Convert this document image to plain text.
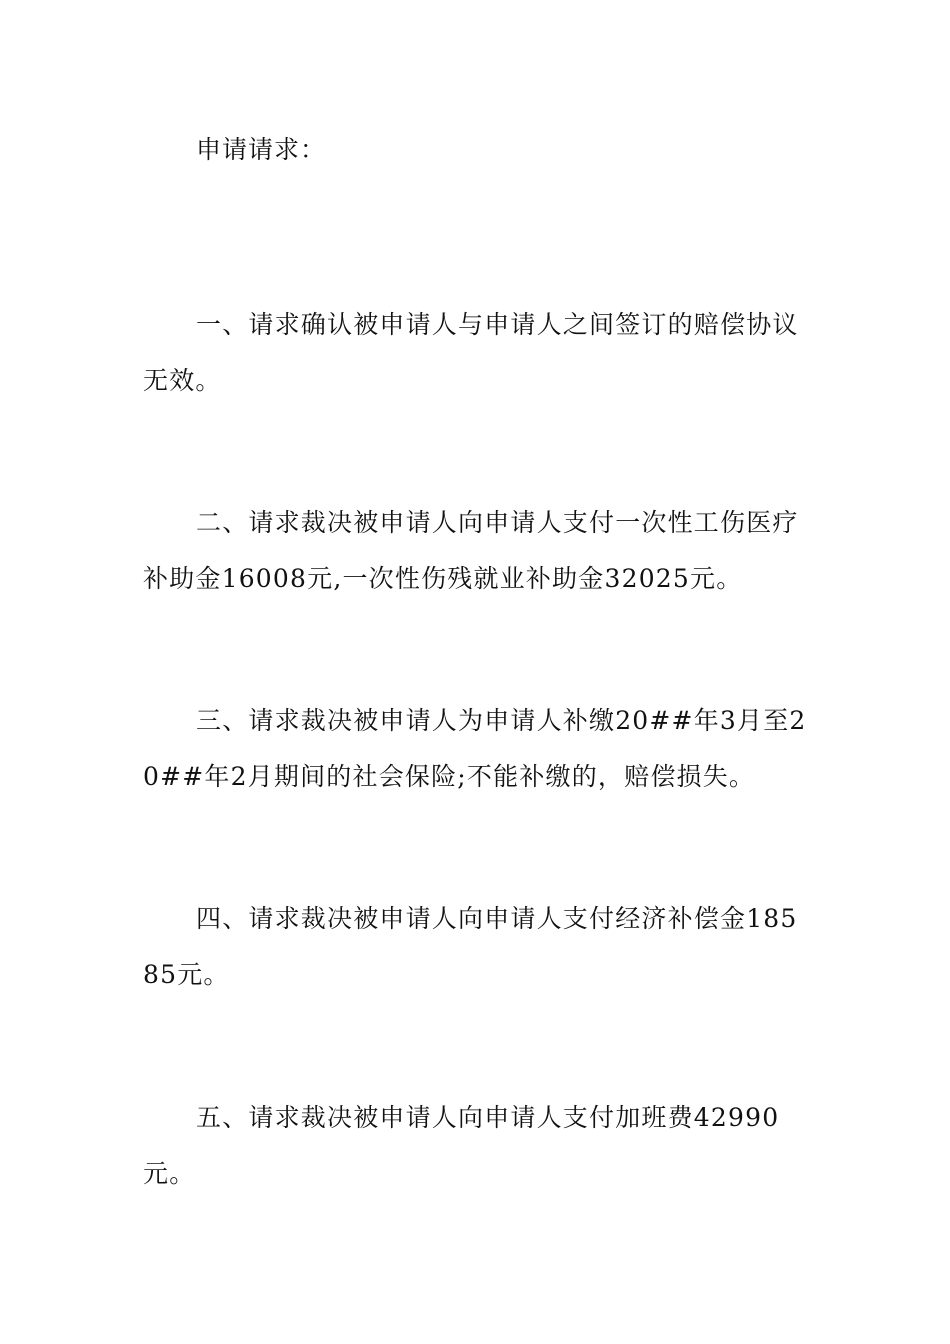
申请请求：

一、请求确认被申请人与申请人之间签订的赔偿协议无效。

二、请求裁决被申请人向申请人支付一次性工伤医疗补助金16008元,一次性伤残就业补助金32025元。

三、请求裁决被申请人为申请人补缴20##年3月至20##年2月期间的社会保险;不能补缴的，赔偿损失。

四、请求裁决被申请人向申请人支付经济补偿金18585元。

五、请求裁决被申请人向申请人支付加班费42990元。
